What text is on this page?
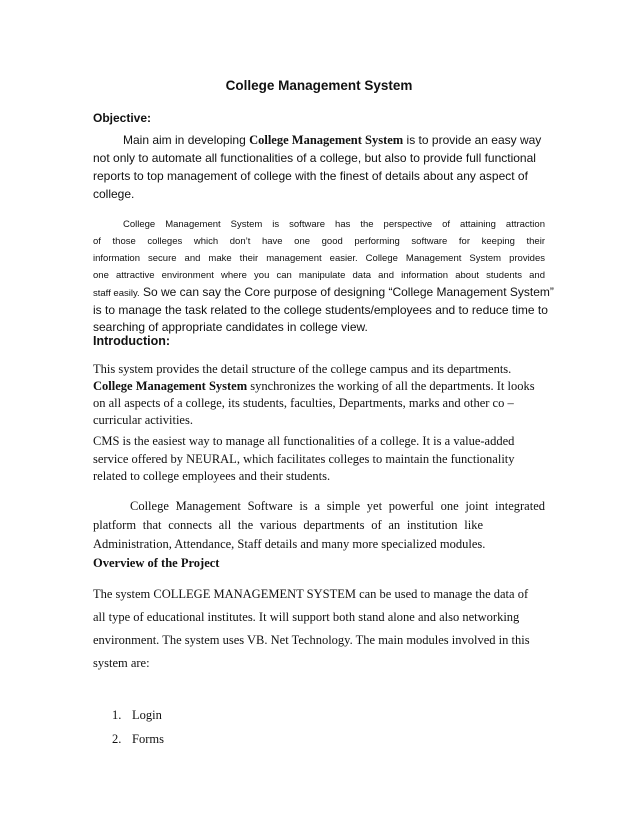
College Management System
Objective:
Main aim in developing College Management System is to provide an easy way
not only to automate all functionalities of a college, but also to provide full functional
reports to top management of college with the finest of details about any aspect of
college.
College Management System is software has the perspective of attaining attraction
of those colleges which don’t have one good performing software for keeping their
information secure and make their management easier. College Management System provides
one attractive environment where you can manipulate data and information about students and
staff easily. So we can say the Core purpose of designing “College Management System”
is to manage the task related to the college students/employees and to reduce time to
searching of appropriate candidates in college view.
Introduction:
This system provides the detail structure of the college campus and its departments.
College Management System synchronizes the working of all the departments. It looks
on all aspects of a college, its students, faculties, Departments, marks and other co –
curricular activities.
CMS is the easiest way to manage all functionalities of a college. It is a value-added
service offered by NEURAL, which facilitates colleges to maintain the functionality
related to college employees and their students.
College Management Software is a simple yet powerful one joint integrated
platform that connects all the various departments of an institution like
Administration, Attendance, Staff details and many more specialized modules.
Overview of the Project
The system COLLEGE MANAGEMENT SYSTEM can be used to manage the data of
all type of educational institutes. It will support both stand alone and also networking
environment. The system uses VB. Net Technology. The main modules involved in this
system are:
1. Login
2. Forms
